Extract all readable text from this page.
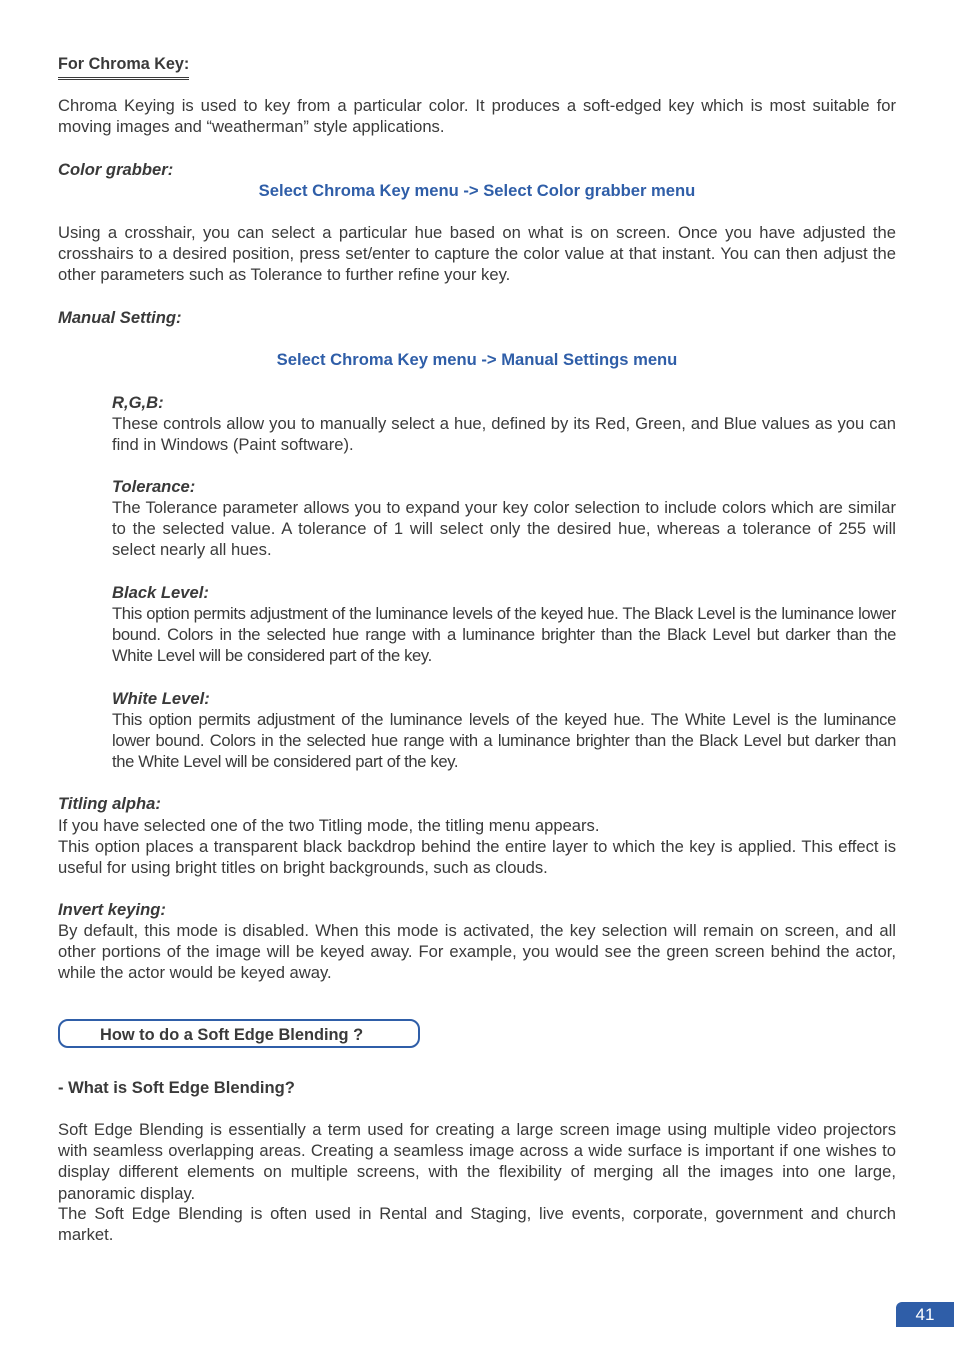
For Chroma Key:

Chroma Keying is used to key from a particular color. It produces a soft-edged key which is most suitable for moving images and “weatherman” style applications.

Color grabber:

Select Chroma Key menu -> Select Color grabber menu

Using a crosshair, you can select a particular hue based on what is on screen. Once you have adjusted the crosshairs to a desired position, press set/enter to capture the color value at that instant. You can then adjust the other parameters such as Tolerance to further refine your key.

Manual Setting:

Select Chroma Key menu -> Manual Settings menu

R,G,B:

These controls allow you to manually select a hue, defined by its Red, Green, and Blue values as you can find in Windows (Paint software).

Tolerance:

The Tolerance parameter allows you to expand your key color selection to include colors which are similar to the selected value. A tolerance of 1 will select only the desired hue, whereas a tolerance of 255 will select nearly all hues.

Black Level:

This option permits adjustment of the luminance levels of the keyed hue. The Black Level is the luminance lower bound. Colors in the selected hue range with a luminance brighter than the Black Level but darker than the White Level will be considered part of the key.

White Level:

This option permits adjustment of the luminance levels of the keyed hue. The White Level is the luminance lower bound. Colors in the selected hue range with a luminance brighter than the Black Level but darker than the White Level will be considered part of the key.

Titling alpha:

If you have selected one of the two Titling mode, the titling menu appears.

This option places a transparent black backdrop behind the entire layer to which the key is applied. This effect is useful for using bright titles on bright backgrounds, such as clouds.

Invert keying:

By default, this mode is disabled. When this mode is activated, the key selection will remain on screen, and all other portions of the image will be keyed away. For example, you would see the green screen behind the actor, while the actor would be keyed away.

How to do a Soft Edge Blending ?

- What is Soft Edge Blending?

Soft Edge Blending is essentially a term used for creating a large screen image using multiple video projectors with seamless overlapping areas. Creating a seamless image across a wide surface is important if one wishes to display different elements on multiple screens, with the flexibility of merging all the images into one large, panoramic display.

The Soft Edge Blending is often used in Rental and Staging, live events, corporate, government and church market.

41
